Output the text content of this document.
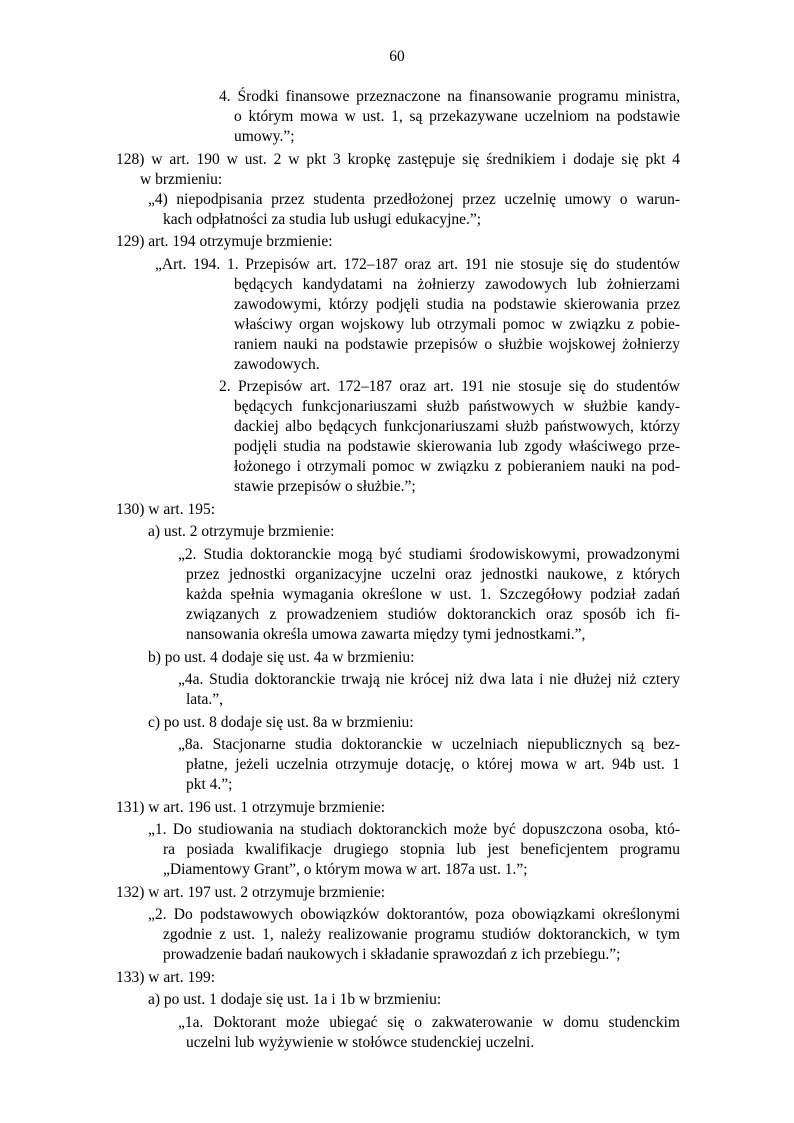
60
4. Środki finansowe przeznaczone na finansowanie programu ministra,
o którym mowa w ust. 1, są przekazywane uczelniom na podstawie
umowy.”;
128) w art. 190 w ust. 2 w pkt 3 kropkę zastępuje się średnikiem i dodaje się pkt 4
w brzmieniu:
„4) niepodpisania przez studenta przedłożonej przez uczelnię umowy o warun-
kach odpłatności za studia lub usługi edukacyjne.”;
129) art. 194 otrzymuje brzmienie:
„Art. 194. 1. Przepisów art. 172–187 oraz art. 191 nie stosuje się do studentów
będących kandydatami na żołnierzy zawodowych lub żołnierzami
zawodowymi, którzy podjęli studia na podstawie skierowania przez
właściwy organ wojskowy lub otrzymali pomoc w związku z pobie-
raniem nauki na podstawie przepisów o służbie wojskowej żołnierzy
zawodowych.
2. Przepisów art. 172–187 oraz art. 191 nie stosuje się do studentów
będących funkcjonariuszami służb państwowych w służbie kandy-
dackiej albo będących funkcjonariuszami służb państwowych, którzy
podjęli studia na podstawie skierowania lub zgody właściwego prze-
łożonego i otrzymali pomoc w związku z pobieraniem nauki na pod-
stawie przepisów o służbie.”;
130) w art. 195:
a) ust. 2 otrzymuje brzmienie:
„2. Studia doktoranckie mogą być studiami środowiskowymi, prowadzonymi
przez jednostki organizacyjne uczelni oraz jednostki naukowe, z których
każda spełnia wymagania określone w ust. 1. Szczegółowy podział zadań
związanych z prowadzeniem studiów doktoranckich oraz sposób ich fi-
nansowania określa umowa zawarta między tymi jednostkami.”,
b) po ust. 4 dodaje się ust. 4a w brzmieniu:
„4a. Studia doktoranckie trwają nie krócej niż dwa lata i nie dłużej niż cztery
lata.”,
c) po ust. 8 dodaje się ust. 8a w brzmieniu:
„8a. Stacjonarne studia doktoranckie w uczelniach niepublicznych są bez-
płatne, jeżeli uczelnia otrzymuje dotację, o której mowa w art. 94b ust. 1
pkt 4.”;
131) w art. 196 ust. 1 otrzymuje brzmienie:
„1. Do studiowania na studiach doktoranckich może być dopuszczona osoba, któ-
ra posiada kwalifikacje drugiego stopnia lub jest beneficjentem programu
„Diamentowy Grant”, o którym mowa w art. 187a ust. 1.”;
132) w art. 197 ust. 2 otrzymuje brzmienie:
„2. Do podstawowych obowiązków doktorantów, poza obowiązkami określonymi
zgodnie z ust. 1, należy realizowanie programu studiów doktoranckich, w tym
prowadzenie badań naukowych i składanie sprawozdań z ich przebiegu.”;
133) w art. 199:
a) po ust. 1 dodaje się ust. 1a i 1b w brzmieniu:
„1a. Doktorant może ubiegać się o zakwaterowanie w domu studenckim
uczelni lub wyżywienie w stołówce studenckiej uczelni.
